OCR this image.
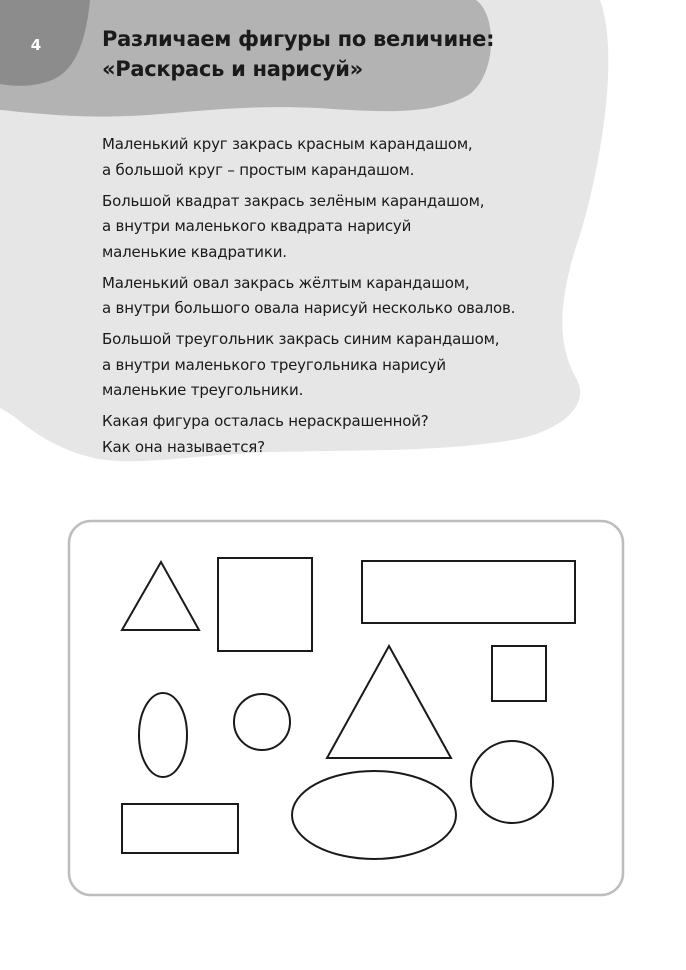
4	Различаем фигуры по величине:
«Раскрась и нарисуй»
Маленький круг закрась красным карандашом,
а большой круг – простым карандашом.
Большой квадрат закрась зелёным карандашом,
а внутри маленького квадрата нарисуй
маленькие квадратики.
Маленький овал закрась жёлтым карандашом,
а внутри большого овала нарисуй несколько овалов.
Большой треугольник закрась синим карандашом,
а внутри маленького треугольника нарисуй
маленькие треугольники.
Какая фигура осталась нераскрашенной?
Как она называется?
